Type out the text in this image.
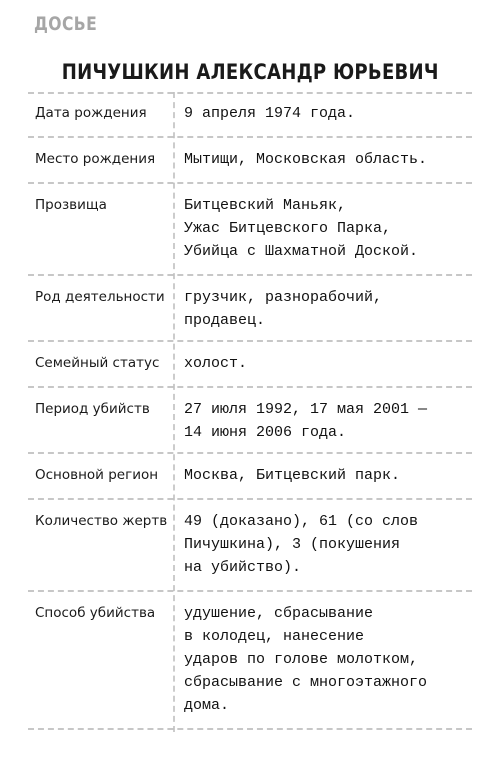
ДОСЬЕ
ПИЧУШКИН АЛЕКСАНДР ЮРЬЕВИЧ
Дата рождения 9 апреля 1974 года.
Место рождения Мытищи, Московская область.
Прозвища	Битцевский Маньяк,
Ужас Битцевского Парка,
Убийца с Шахматной Доской.
Род деятельности грузчик, разнорабочий,
продавец.
Семейный статус холост.
Период убийств 27 июля 1992, 17 мая 2001 —
14 июня 2006 года.
Основной регион Москва, Битцевский парк.
Количество жертв 49 (доказано), 61 (со слов
Пичушкина), 3 (покушения
на убийство).
Способ убийства удушение, сбрасывание
в колодец, нанесение
ударов по голове молотком,
сбрасывание с многоэтажного
дома.
